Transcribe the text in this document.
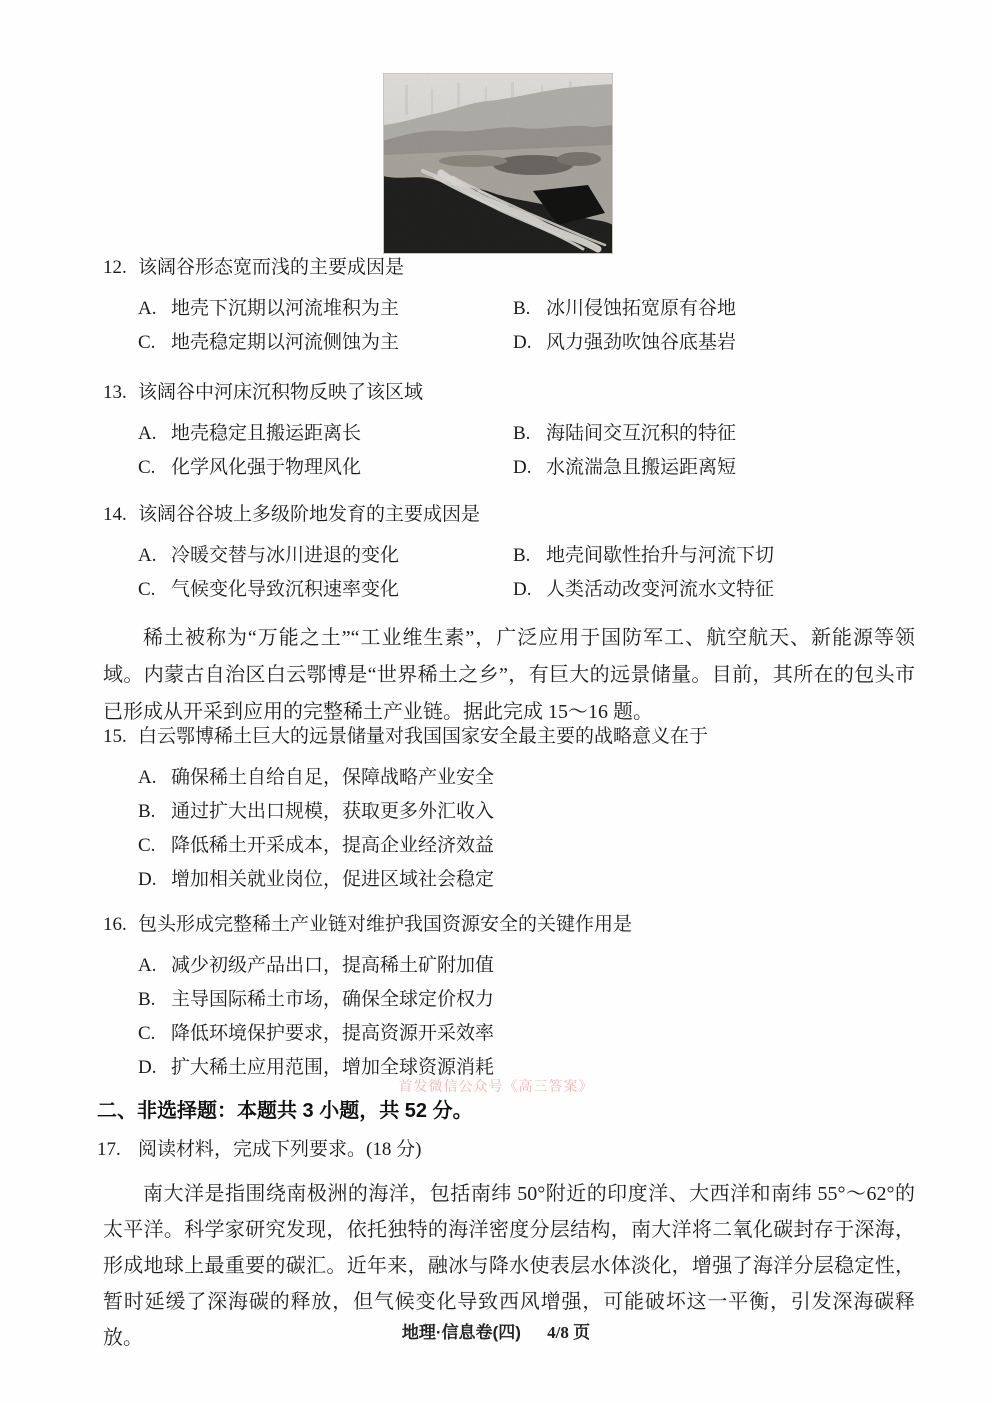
12. 该阔谷形态宽而浅的主要成因是
A. 地壳下沉期以河流堆积为主	B. 冰川侵蚀拓宽原有谷地
C. 地壳稳定期以河流侧蚀为主	D. 风力强劲吹蚀谷底基岩
13. 该阔谷中河床沉积物反映了该区域
A. 地壳稳定且搬运距离长	B. 海陆间交互沉积的特征
C. 化学风化强于物理风化	D. 水流湍急且搬运距离短
14. 该阔谷谷坡上多级阶地发育的主要成因是
A. 冷暖交替与冰川进退的变化	B. 地壳间歇性抬升与河流下切
C. 气候变化导致沉积速率变化	D. 人类活动改变河流水文特征

稀土被称为“万能之土”“工业维生素”，广泛应用于国防军工、航空航天、新能源等领域。内蒙古自治区白云鄂博是“世界稀土之乡”，有巨大的远景储量。目前，其所在的包头市已形成从开采到应用的完整稀土产业链。据此完成 15～16 题。

15. 白云鄂博稀土巨大的远景储量对我国国家安全最主要的战略意义在于
A. 确保稀土自给自足，保障战略产业安全
B. 通过扩大出口规模，获取更多外汇收入
C. 降低稀土开采成本，提高企业经济效益
D. 增加相关就业岗位，促进区域社会稳定
16. 包头形成完整稀土产业链对维护我国资源安全的关键作用是
A. 减少初级产品出口，提高稀土矿附加值
B. 主导国际稀土市场，确保全球定价权力
C. 降低环境保护要求，提高资源开采效率
D. 扩大稀土应用范围，增加全球资源消耗
首发微信公众号《高三答案》
二、非选择题：本题共 3 小题，共 52 分。
17. 阅读材料，完成下列要求。(18 分)

南大洋是指围绕南极洲的海洋，包括南纬 50°附近的印度洋、大西洋和南纬 55°～62°的太平洋。科学家研究发现，依托独特的海洋密度分层结构，南大洋将二氧化碳封存于深海，形成地球上最重要的碳汇。近年来，融冰与降水使表层水体淡化，增强了海洋分层稳定性，暂时延缓了深海碳的释放，但气候变化导致西风增强，可能破坏这一平衡，引发深海碳释放。	地理·信息卷(四) 4/8 页
